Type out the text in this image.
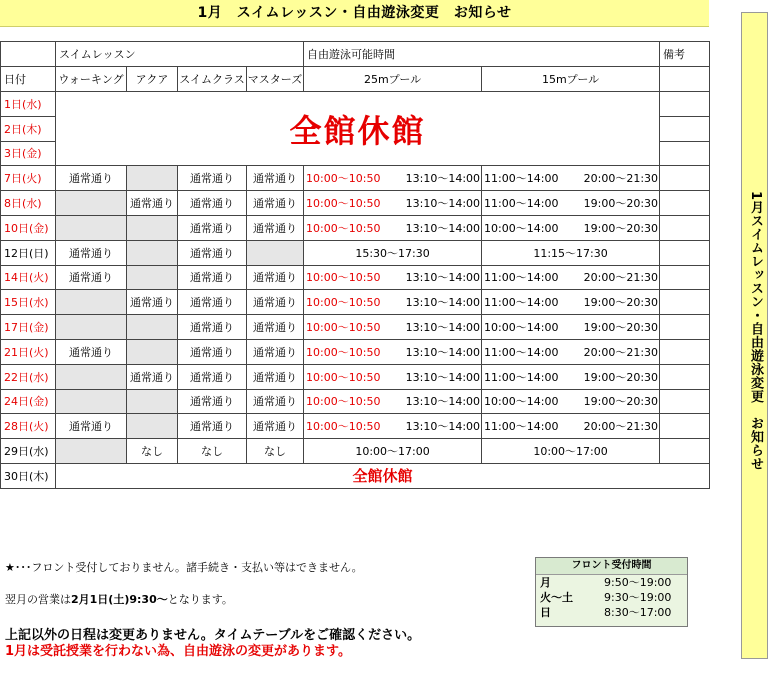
1月　スイムレッスン・自由遊泳変更　お知らせ
1月スイムレッスン・自由遊泳変更　お知らせ
	スイムレッスン				自由遊泳可能時間		備考
日付	ウォーキング	アクア	スイムクラス	マスターズ	25mプール	15mプール	
1日(水)	全館休館						
2日(木)							
3日(金)							
7日(火)	通常通り		通常通り	通常通り	10:00～10:50 13:10～14:00	11:00～14:00 20:00～21:30	
8日(水)		通常通り	通常通り	通常通り	10:00～10:50 13:10～14:00	11:00～14:00 19:00～20:30	
10日(金)			通常通り	通常通り	10:00～10:50 13:10～14:00	10:00～14:00 19:00～20:30	
12日(日)	通常通り		通常通り		15:30～17:30	11:15～17:30	
14日(火)	通常通り		通常通り	通常通り	10:00～10:50 13:10～14:00	11:00～14:00 20:00～21:30	
15日(水)		通常通り	通常通り	通常通り	10:00～10:50 13:10～14:00	11:00～14:00 19:00～20:30	
17日(金)			通常通り	通常通り	10:00～10:50 13:10～14:00	10:00～14:00 19:00～20:30	
21日(火)	通常通り		通常通り	通常通り	10:00～10:50 13:10～14:00	11:00～14:00 20:00～21:30	
22日(水)		通常通り	通常通り	通常通り	10:00～10:50 13:10～14:00	11:00～14:00 19:00～20:30	
24日(金)			通常通り	通常通り	10:00～10:50 13:10～14:00	10:00～14:00 19:00～20:30	
28日(火)	通常通り		通常通り	通常通り	10:00～10:50 13:10～14:00	11:00～14:00 20:00～21:30	
29日(水)		なし	なし	なし	10:00～17:00	10:00～17:00	
30日(木)	全館休館						
★･･･フロント受付しておりません。諸手続き・支払い等はできません。
翌月の営業は2月1日(土)9:30～となります。
上記以外の日程は変更ありません。タイムテーブルをご確認ください。
1月は受託授業を行わない為、自由遊泳の変更があります。
フロント受付時間
月	9:50～19:00
火～土	9:30～19:00
日	8:30～17:00
